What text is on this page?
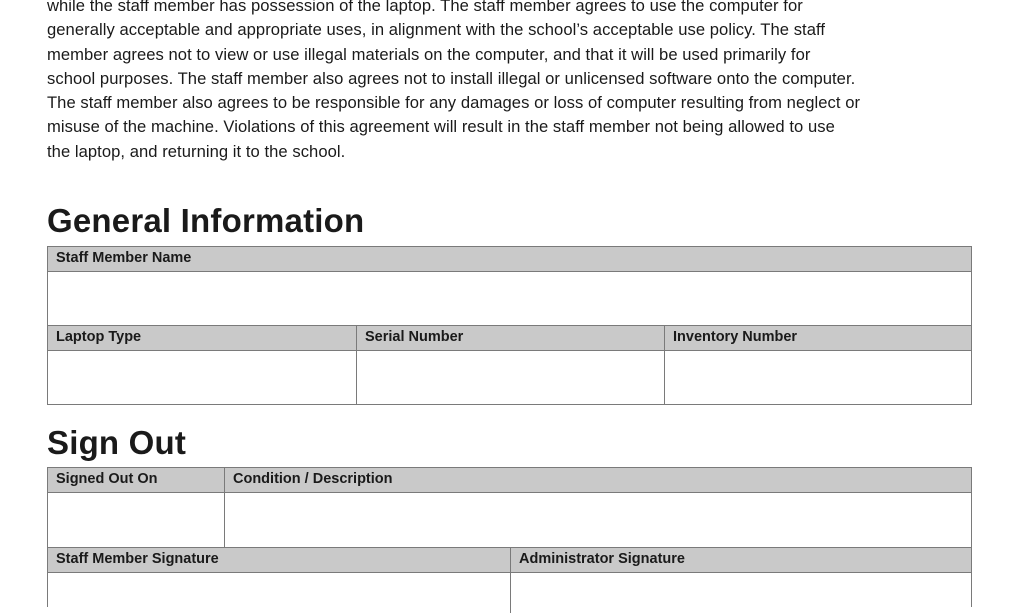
while the staff member has possession of the laptop. The staff member agrees to use the computer for
generally acceptable and appropriate uses, in alignment with the school’s acceptable use policy. The staff
member agrees not to view or use illegal materials on the computer, and that it will be used primarily for
school purposes. The staff member also agrees not to install illegal or unlicensed software onto the computer.
The staff member also agrees to be responsible for any damages or loss of computer resulting from neglect or
misuse of the machine. Violations of this agreement will result in the staff member not being allowed to use
the laptop, and returning it to the school.
General Information
Staff Member Name
Laptop Type	Serial Number	Inventory Number
Sign Out
Signed Out On	Condition / Description
Staff Member Signature	Administrator Signature
